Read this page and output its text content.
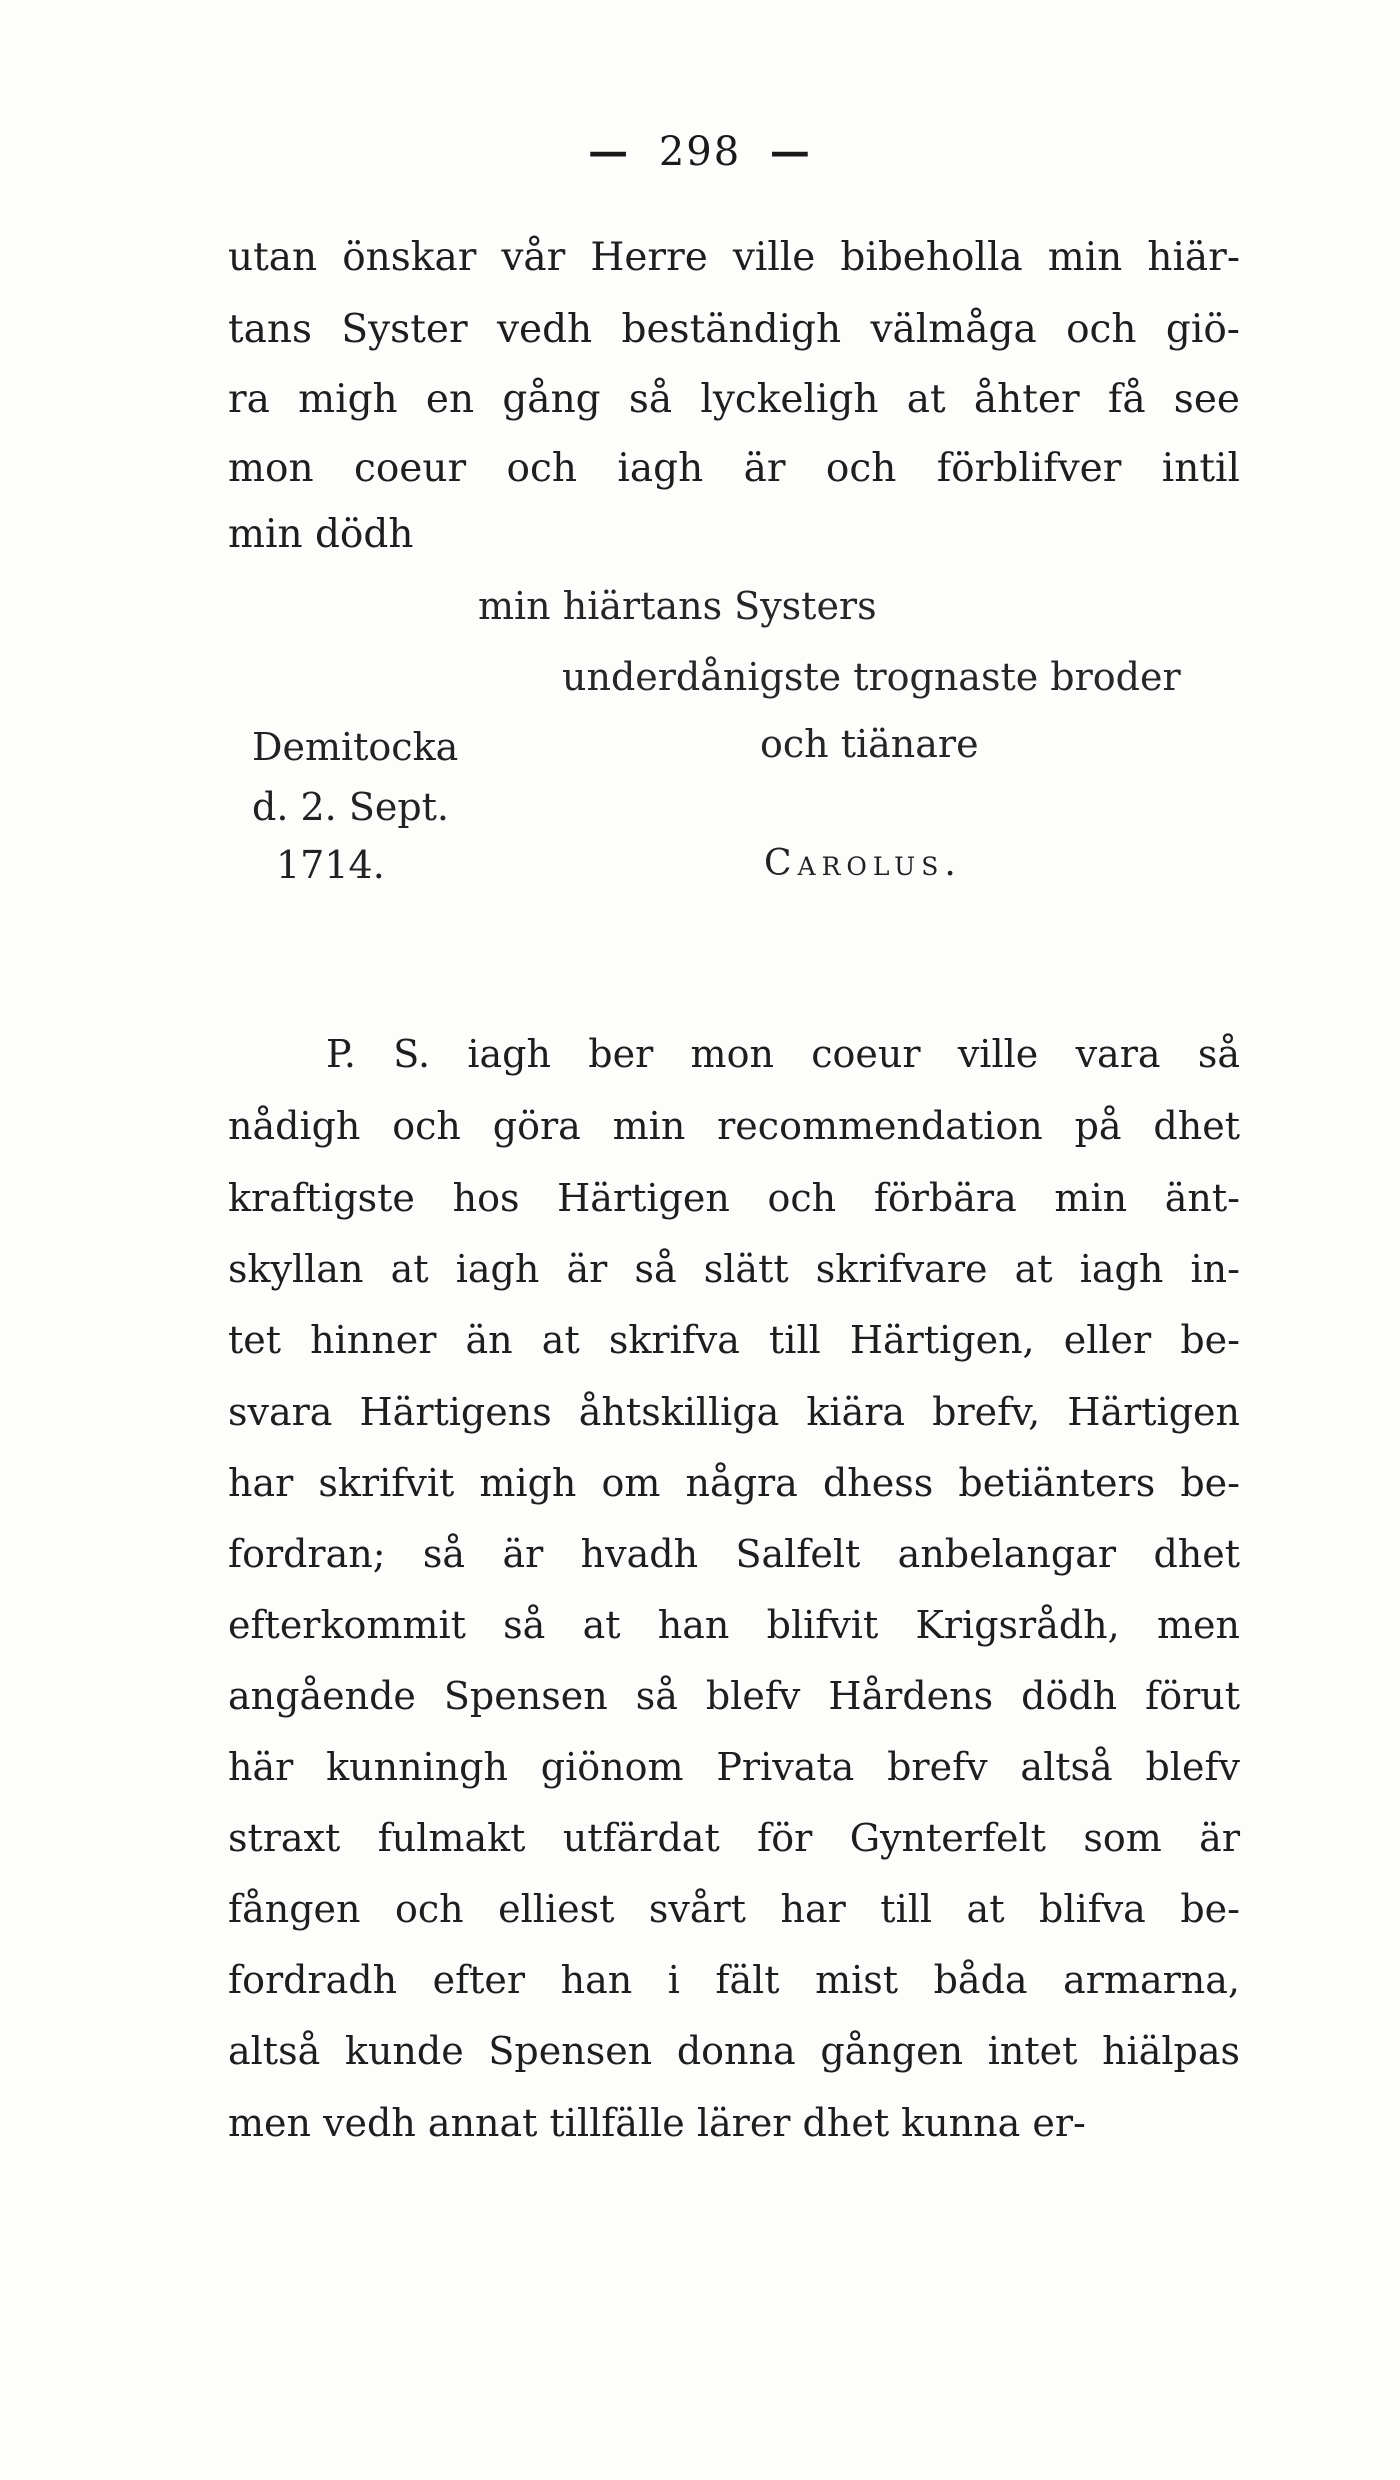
— 298 —
utan önskar vår Herre ville bibeholla min hiär-
tans Syster vedh beständigh välmåga och giö-
ra migh en gång så lyckeligh at åhter få see
mon coeur och iagh är och förblifver intil
min dödh
min hiärtans Systers
underdånigste trognaste broder
och tiänare
Demitocka
d. 2. Sept.
1714.	Carolus.
P. S. iagh ber mon coeur ville vara så
nådigh och göra min recommendation på dhet
kraftigste hos Härtigen och förbära min änt-
skyllan at iagh är så slätt skrifvare at iagh in-
tet hinner än at skrifva till Härtigen, eller be-
svara Härtigens åhtskilliga kiära brefv, Härtigen
har skrifvit migh om några dhess betiänters be-
fordran; så är hvadh Salfelt anbelangar dhet
efterkommit så at han blifvit Krigsrådh, men
angående Spensen så blefv Hårdens dödh förut
här kunningh giönom Privata brefv altså blefv
straxt fulmakt utfärdat för Gynterfelt som är
fången och elliest svårt har till at blifva be-
fordradh efter han i fält mist båda armarna,
altså kunde Spensen donna gången intet hiälpas
men vedh annat tillfälle lärer dhet kunna er-
